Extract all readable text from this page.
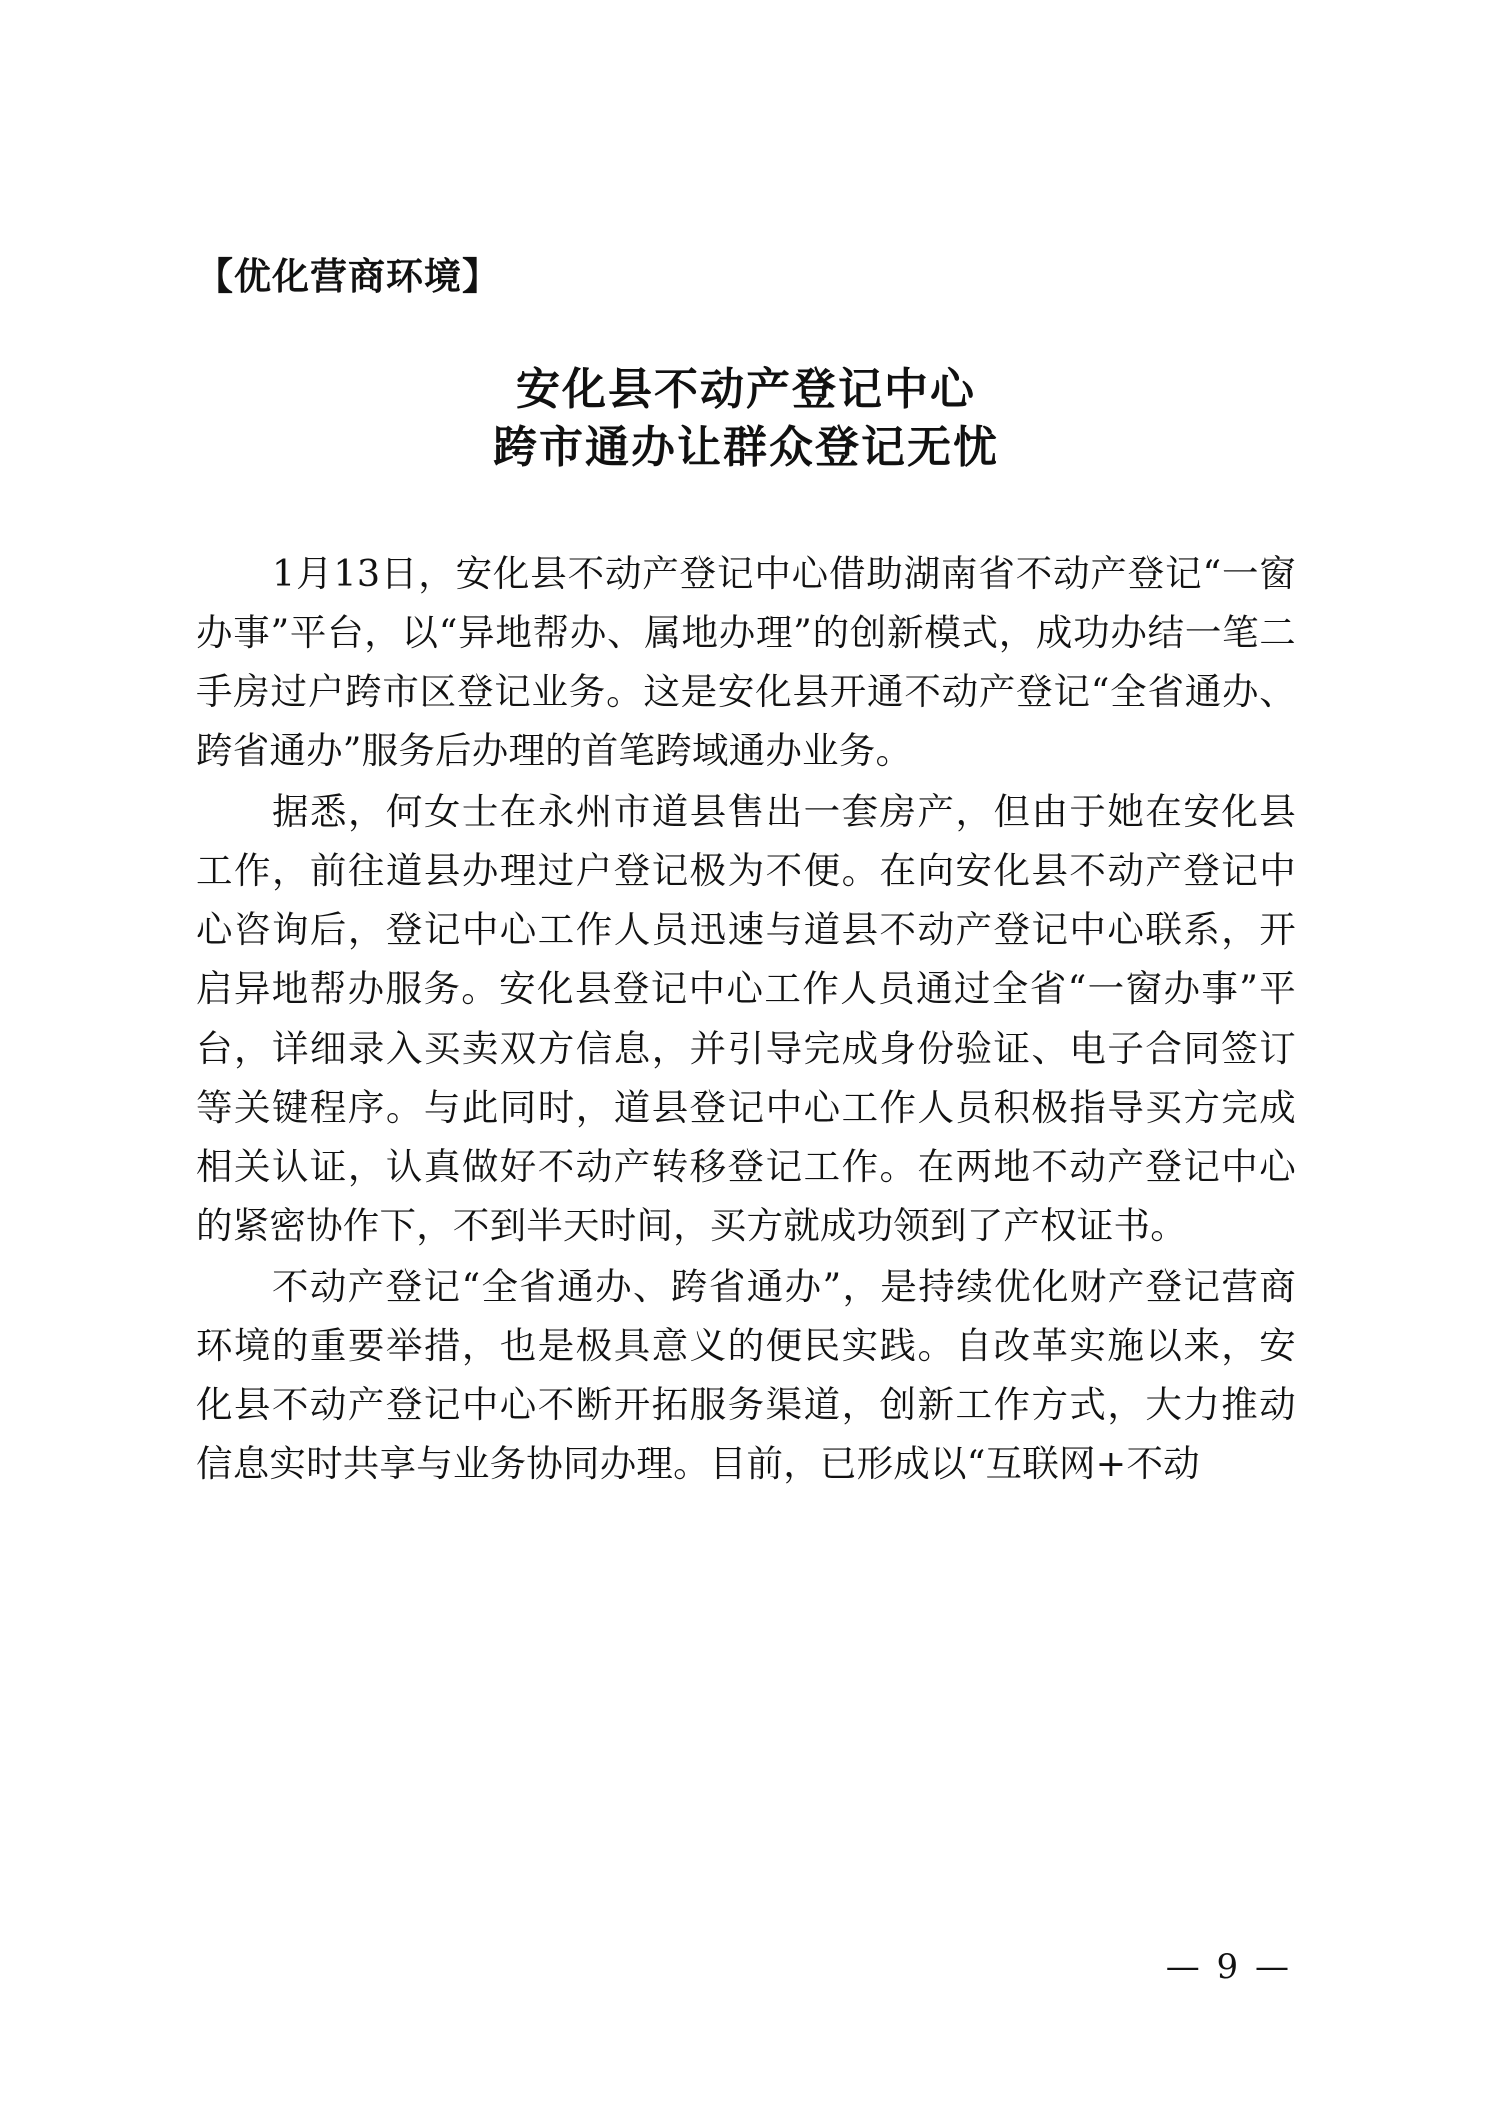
【优化营商环境】
安化县不动产登记中心
跨市通办让群众登记无忧

1月13日，安化县不动产登记中心借助湖南省不动产登记“一窗办事”平台，以“异地帮办、属地办理”的创新模式，成功办结一笔二手房过户跨市区登记业务。这是安化县开通不动产登记“全省通办、跨省通办”服务后办理的首笔跨域通办业务。

据悉，何女士在永州市道县售出一套房产，但由于她在安化县工作，前往道县办理过户登记极为不便。在向安化县不动产登记中心咨询后，登记中心工作人员迅速与道县不动产登记中心联系，开启异地帮办服务。安化县登记中心工作人员通过全省“一窗办事”平台，详细录入买卖双方信息，并引导完成身份验证、电子合同签订等关键程序。与此同时，道县登记中心工作人员积极指导买方完成相关认证，认真做好不动产转移登记工作。在两地不动产登记中心的紧密协作下，不到半天时间，买方就成功领到了产权证书。

不动产登记“全省通办、跨省通办”，是持续优化财产登记营商环境的重要举措，也是极具意义的便民实践。自改革实施以来，安化县不动产登记中心不断开拓服务渠道，创新工作方式，大力推动信息实时共享与业务协同办理。目前，已形成以“互联网+不动

— 9 —
